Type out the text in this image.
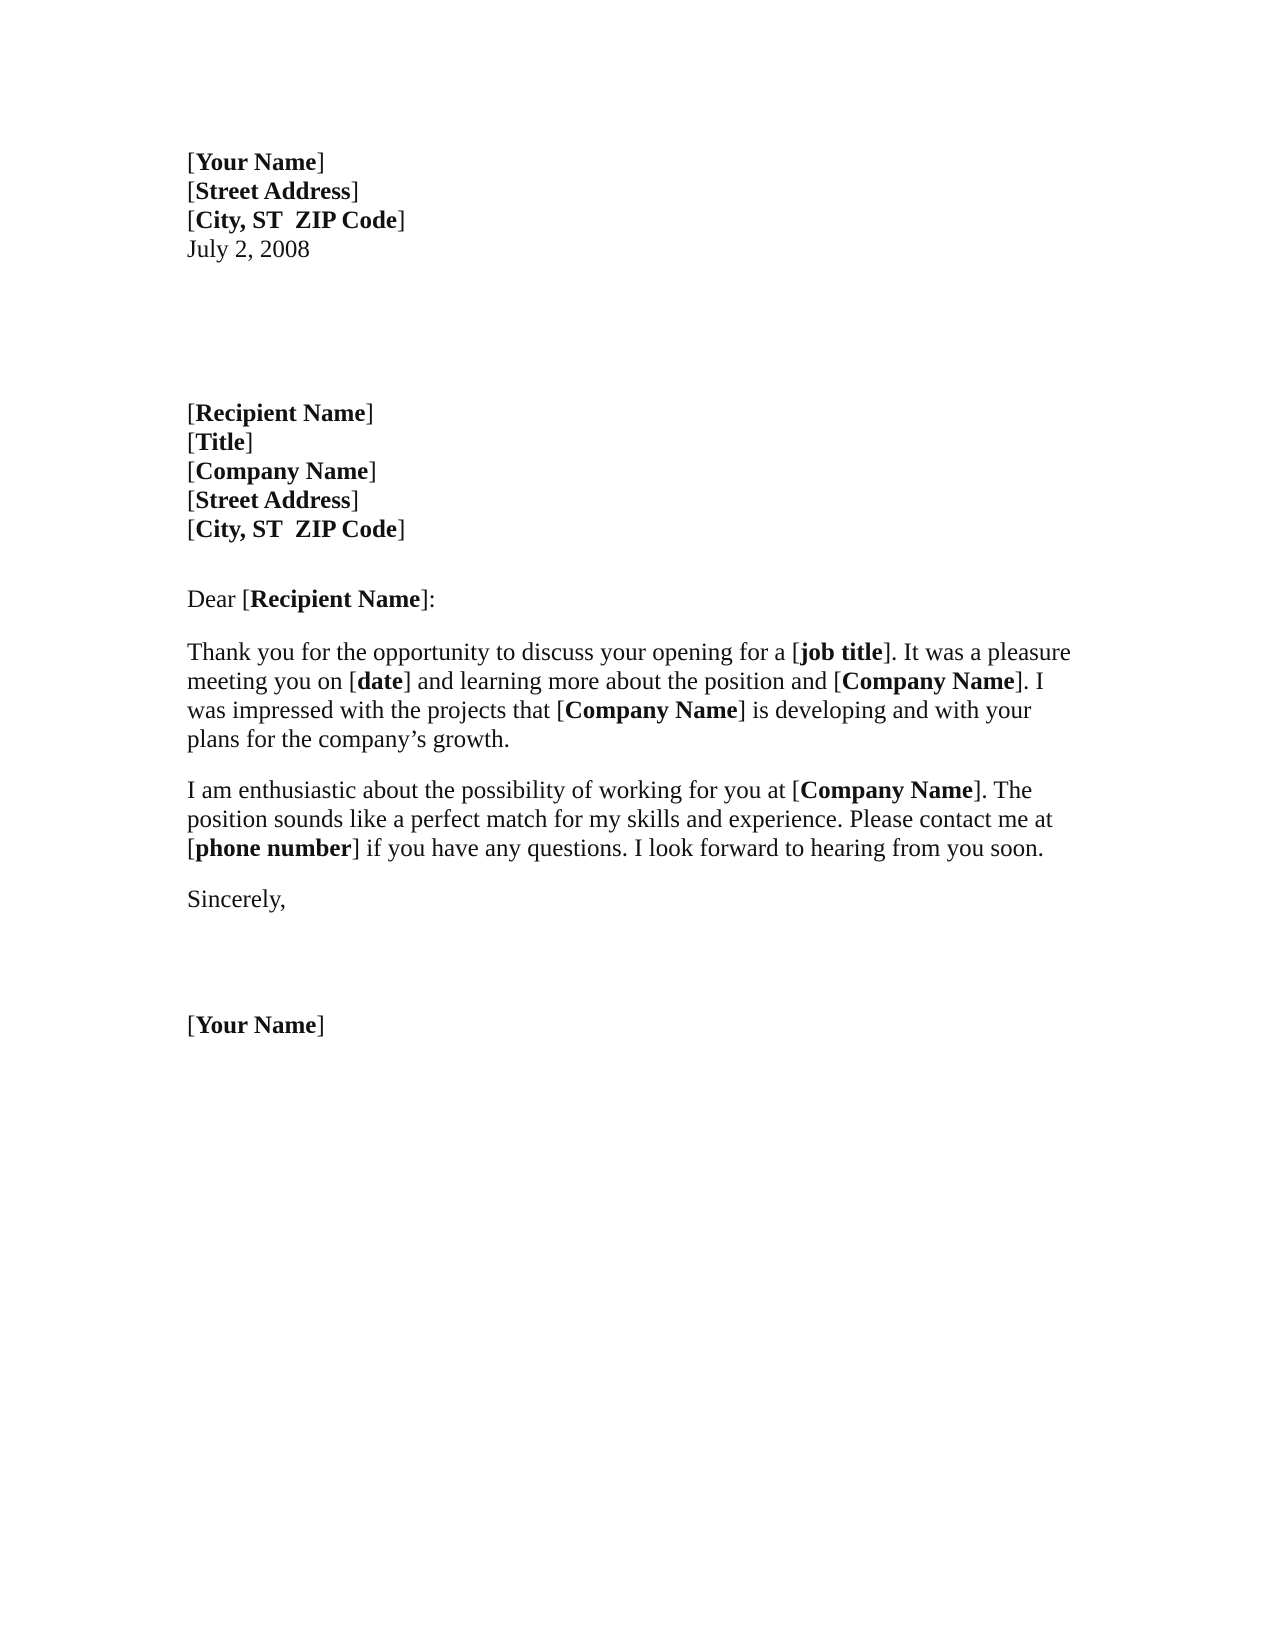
[Your Name]
[Street Address]
[City, ST  ZIP Code]
July 2, 2008
[Recipient Name]
[Title]
[Company Name]
[Street Address]
[City, ST  ZIP Code]
Dear [Recipient Name]:
Thank you for the opportunity to discuss your opening for a [job title]. It was a pleasure meeting you on [date] and learning more about the position and [Company Name]. I was impressed with the projects that [Company Name] is developing and with your plans for the company’s growth.
I am enthusiastic about the possibility of working for you at [Company Name]. The position sounds like a perfect match for my skills and experience. Please contact me at [phone number] if you have any questions. I look forward to hearing from you soon.
Sincerely,
[Your Name]
